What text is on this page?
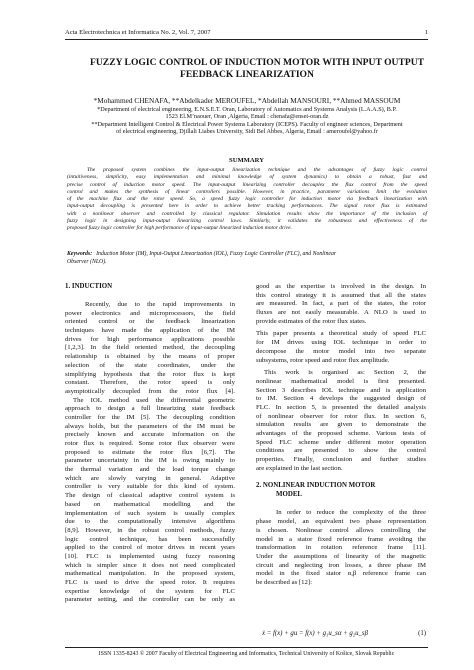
Acta Electrotechnica et Informatica No. 2, Vol. 7, 2007	1
FUZZY LOGIC CONTROL OF INDUCTION MOTOR WITH INPUT OUTPUT
FEEDBACK LINEARIZATION
*Mohammed CHENAFA, **Abdelkader MEROUFEL, *Abdellah MANSOURI, **Ahmed MASSOUM
*Department of electrical engineering, E.N.S.E.T. Oran, Laboratory of Automatics and Systems Analysis (L.A.A.S), B.P.
1523 El.M’naouer, Oran ,Algeria, Email : chenafa@enset-oran.dz
**Department Intelligent Control & Electrical Power Systems Laboratory (ICEPS). Faculty of engineer sciences, Department
of electrical engineering, Djillali Liabes University, Sidi Bel Abbes, Algeria, Email : ameroufel@yahoo.fr
SUMMARY
The proposed system combines the input-output linearization technique and the advantages of fuzzy logic control
(intuitiveness, simplicity, easy implementation and minimal knowledge of system dynamics) to obtain a robust, fast and
precise control of induction motor speed. The input-output linearizing controller decouplex the flux control from the speed
control and makes the synthesis of linear controllers possible. However, in practice, parameter variations limit the evolution
of the machine flux and the rotor speed. So, a speed fuzzy logic controller for induction motor via feedback linearization with
input-output decoupling is presented here in order to achieve better tracking performances. The signal rotor flux is estimated
with a nonlinear observer and controlled by classical regulator. Simulation results show the importance of the inclusion of
fuzzy logic in designing input-output linearizing control laws. Similarly, it validates the robustness and effectiveness of the
proposed fuzzy logic controller for high performance of input-output linearized induction motor drive.
Keywords: Induction Motor (IM), Input-Output Linearization (IOL), Fuzzy Logic Controller (FLC), and Nonlinear
Observer (NLO).
1. INDUCTION
Recently, due to the rapid improvements in
power electronics and microprocessors, the field
oriented control or the feedback linearization
techniques have made the application of the IM
drives for high performance applications possible
[1,2,3]. In the field oriented method, the decoupling
relationship is obtained by the means of proper
selection of the state coordinates, under the
simplifying hypothesis that the rotor flux is kept
constant. Therefore, the rotor speed is only
asymptotically decoupled from the rotor flux [4].
The IOL method used the differential geometric
approach to design a full linearizing state feedback
controller for the IM [5]. The decoupling condition
always holds, but the parameters of the IM must be
precisely known and accurate information on the
rotor flux is required. Some rotor flux observer were
proposed to estimate the rotor flux [6,7]. The
parameter uncertainty in the IM is owing mainly to
the thermal variation and the load torque change
which are slowly varying in general. Adaptive
controller is very suitable for this kind of system.
The design of classical adaptive control system is
based on mathematical modelling and the
implementation of such system is usually complex
due to the computationally intensive algorithms
[8,9]. However, in the robust control methods, fuzzy
logic control technique, has been successfully
applied to the control of motor drives in recent years
[10]. FLC is implemented using fuzzy reasoning
which is simpler since it does not need complicated
mathematical manipulation. In the proposed system,
FLC is used to drive the speed rotor. It requires
expertise knowledge of the system for FLC
parameter setting, and the controller can be only as
good as the expertise is involved in the design. In
this control strategy it is assumed that all the states
are measured. In fact, a part of the states, the rotor
fluxes are not easily measurable. A NLO is used to
provide estimates of the rotor flux states.
This paper presents a theoretical study of speed FLC
for IM drives using IOL technique in order to
decompose the motor model into two separate
subsystems, rotor speed and rotor flux amplitude.
This work is organised as: Section 2, the
nonlinear mathematical model is first presented.
Section 3 describes IOL technique and is application
to IM. Section 4 develops the suggested design of
FLC. In section 5, is presented the detailed analysis
of nonlinear observer for rotor flux. In section 6,
simulation results are given to demonstrate the
advantages of the proposed scheme. Various tests of
Speed FLC scheme under different motor operation
conditions are presented to show the control
properties. Finally, conclusion and further studies
are explained in the last section.
2. NONLINEAR INDUCTION MOTOR
MODEL
In order to reduce the complexity of the three
phase model, an equivalent two phase representation
is chosen. Nonlinear control allows controlling the
model in a stator fixed reference frame avoiding the
transformation in rotation reference frame [11].
Under the assumptions of linearity of the magnetic
circuit and neglecting iron losses, a three phase IM
model in the fixed stator α,β reference frame can
be described as [12]:
ẋ = f(x) + gu = f(x) + g₁u_sα + g₂u_sβ	(1)
ISSN 1335-8243 © 2007 Faculty of Electrical Engineering and Informatics, Technical University of Košice, Slovak Republic
